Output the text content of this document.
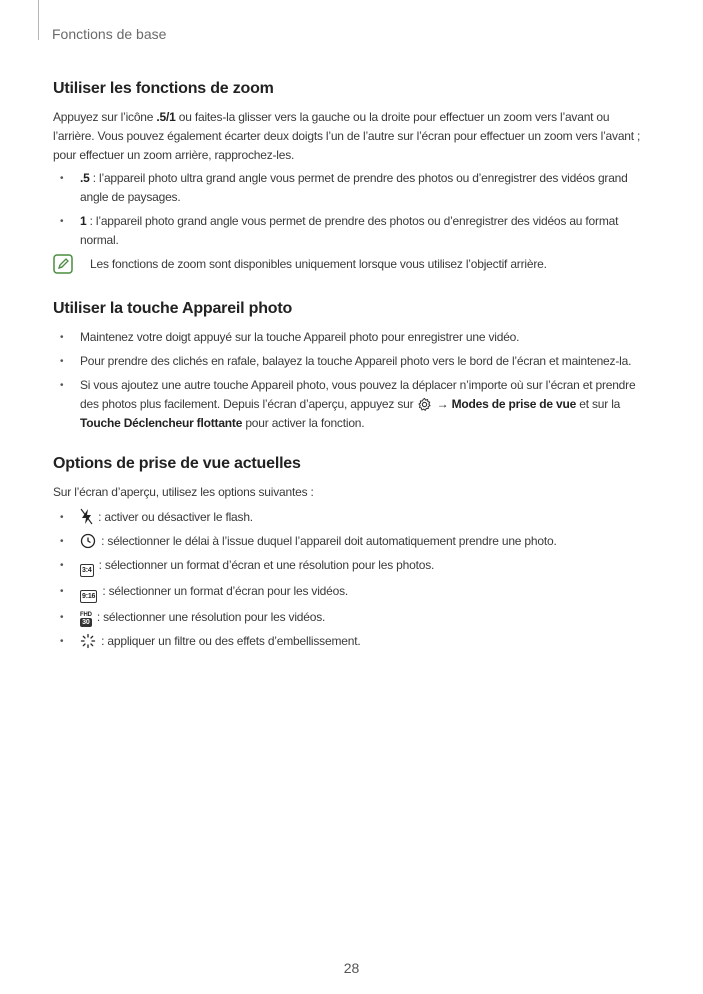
Fonctions de base
Utiliser les fonctions de zoom

Appuyez sur l’icône .5/1 ou faites-la glisser vers la gauche ou la droite pour effectuer un zoom vers l’avant ou l’arrière. Vous pouvez également écarter deux doigts l’un de l’autre sur l’écran pour effectuer un zoom vers l’avant ; pour effectuer un zoom arrière, rapprochez-les.

• .5 : l’appareil photo ultra grand angle vous permet de prendre des photos ou d’enregistrer des vidéos grand angle de paysages.
• 1 : l’appareil photo grand angle vous permet de prendre des photos ou d’enregistrer des vidéos au format normal.
Les fonctions de zoom sont disponibles uniquement lorsque vous utilisez l’objectif arrière.
Utiliser la touche Appareil photo
• Maintenez votre doigt appuyé sur la touche Appareil photo pour enregistrer une vidéo.
• Pour prendre des clichés en rafale, balayez la touche Appareil photo vers le bord de l’écran et maintenez-la.
• Si vous ajoutez une autre touche Appareil photo, vous pouvez la déplacer n’importe où sur l’écran et prendre des photos plus facilement. Depuis l’écran d’aperçu, appuyez sur  → Modes de prise de vue et sur la Touche Déclencheur flottante pour activer la fonction.
Options de prise de vue actuelles

Sur l’écran d’aperçu, utilisez les options suivantes :

•	: activer ou désactiver le flash.
•	: sélectionner le délai à l’issue duquel l’appareil doit automatiquement prendre une photo.
•	3:4 : sélectionner un format d’écran et une résolution pour les photos.
•	9:16 : sélectionner un format d’écran pour les vidéos.
•	FHD
30 : sélectionner une résolution pour les vidéos.
•	: appliquer un filtre ou des effets d’embellissement.
28
